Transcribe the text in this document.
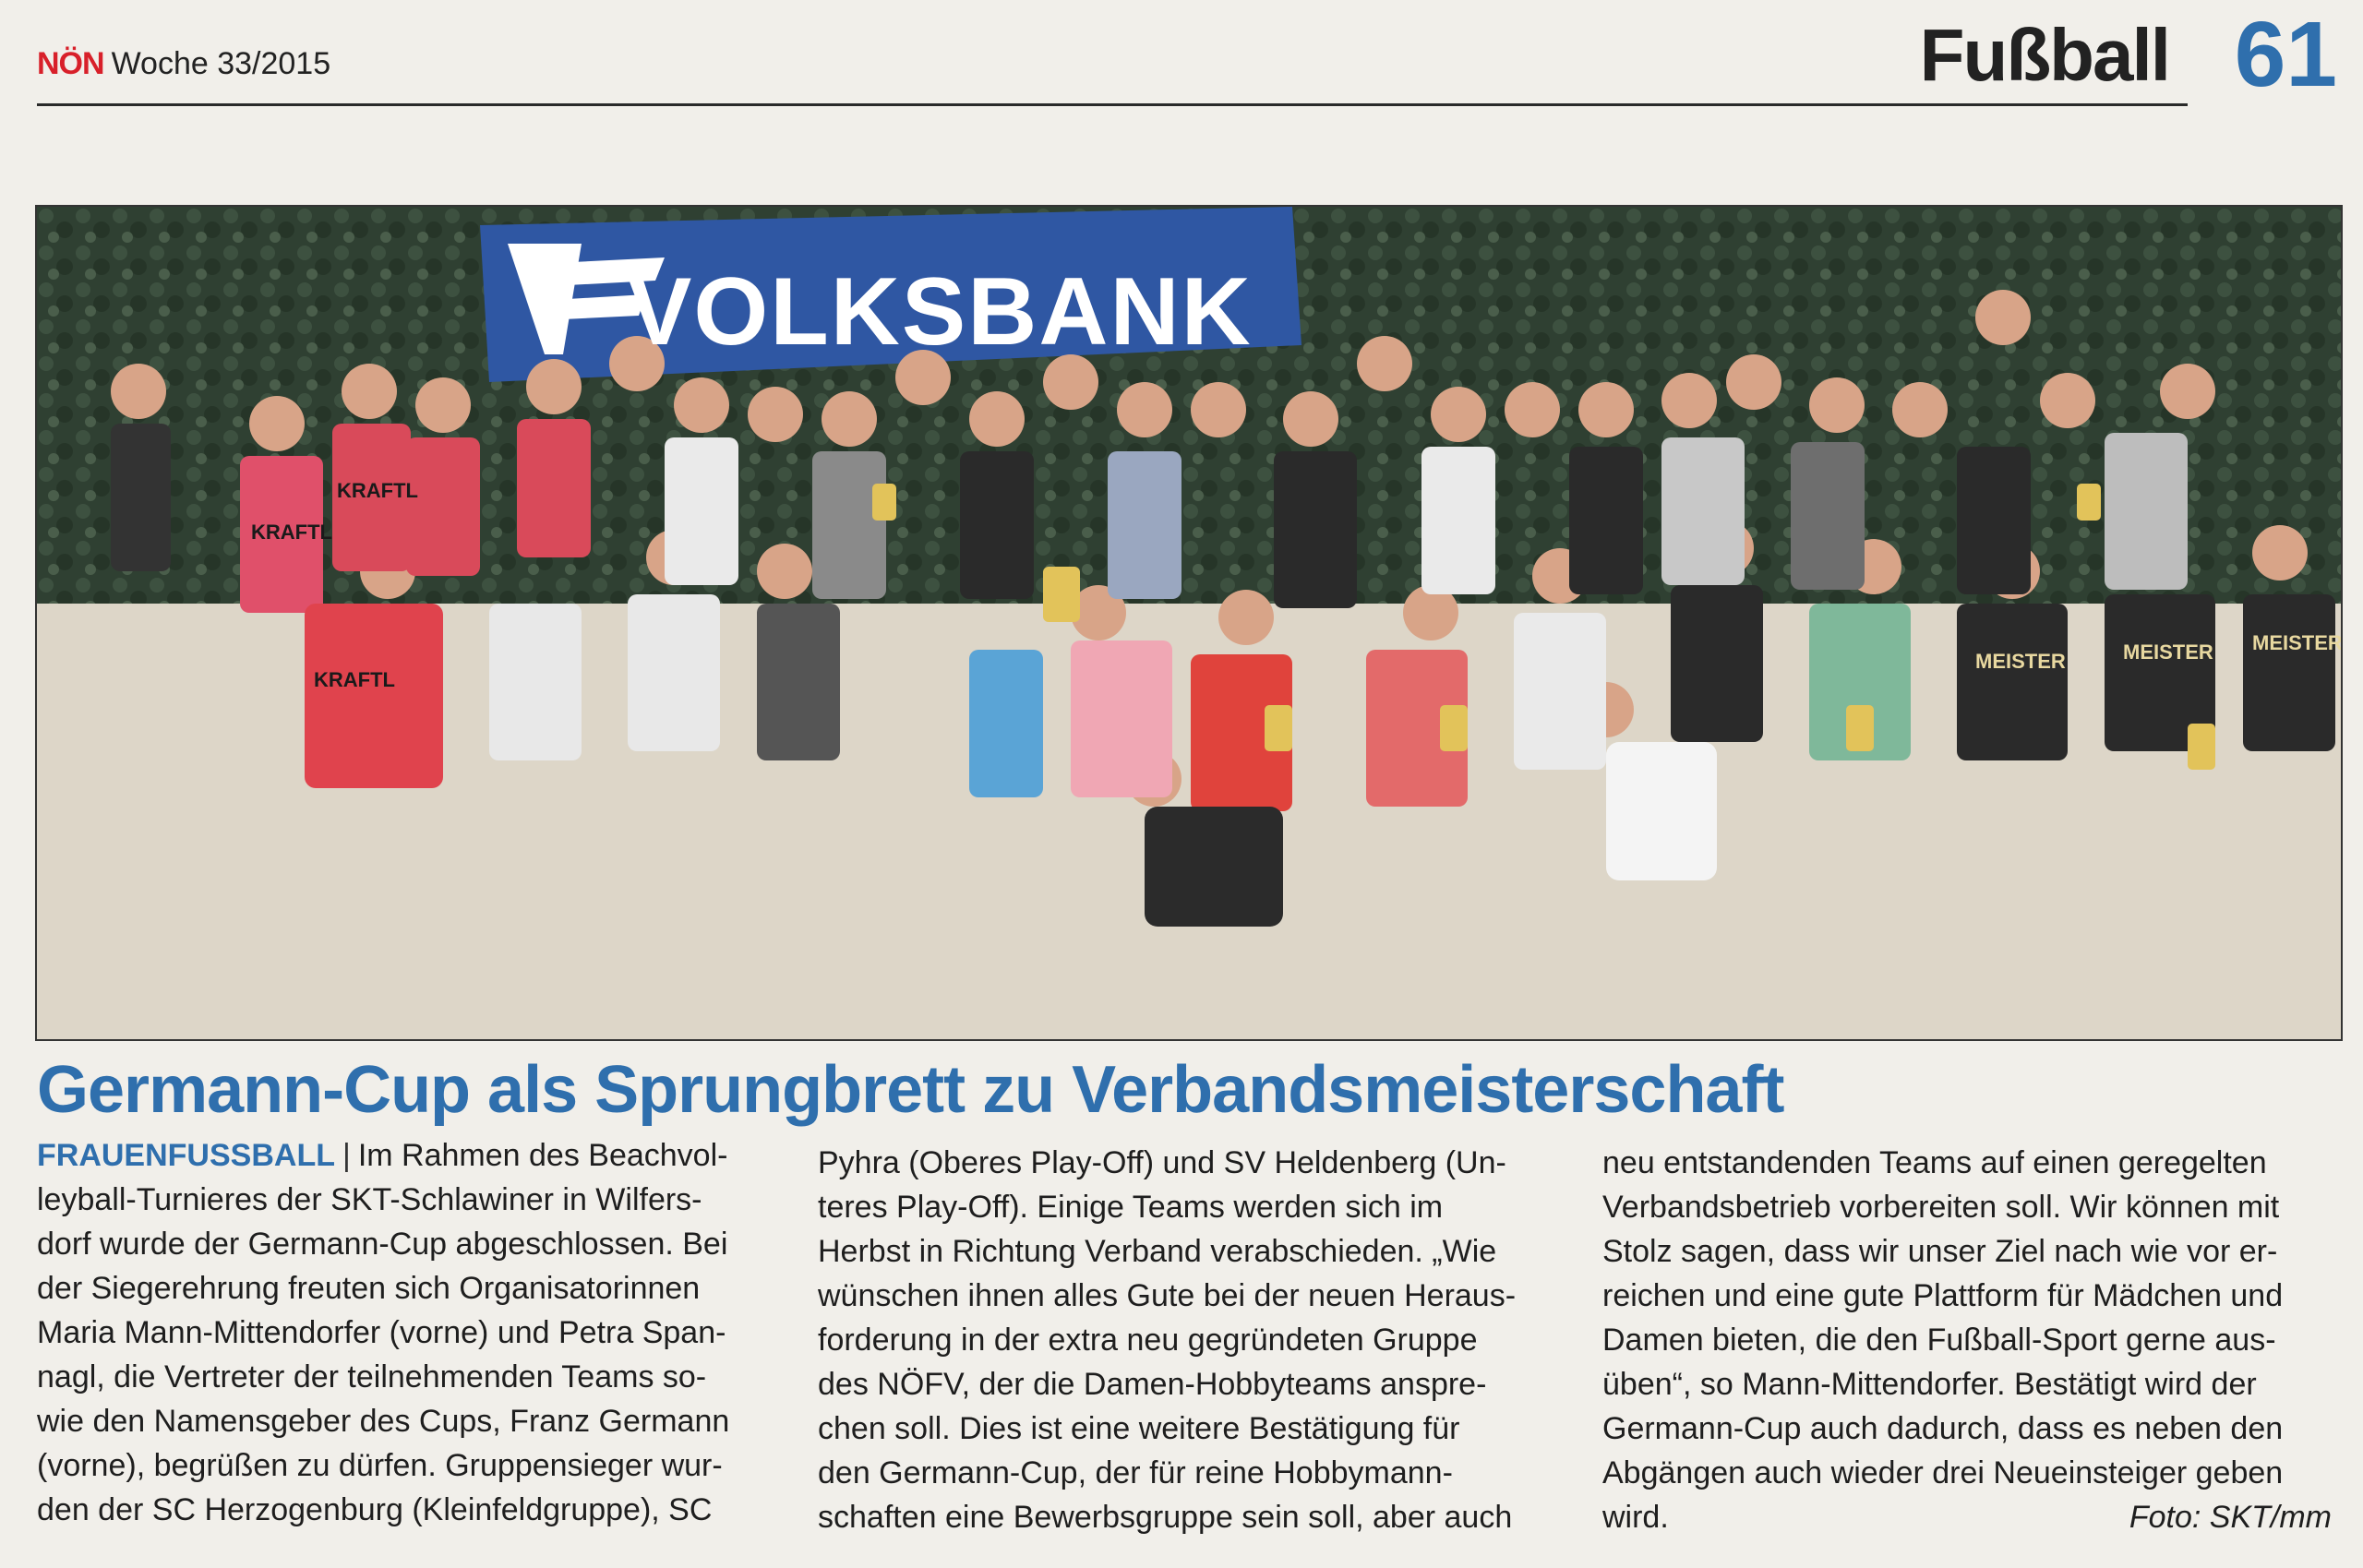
NÖN Woche 33/2015	Fußball 61
KRAFTL
KRAFTL
KRAFTL
MEISTER	MEISTER MEISTER
VOLKSBANK
Germann-Cup als Sprungbrett zu Verbandsmeisterschaft
FRAUENFUSSBALL | Im Rahmen des Beachvol-
leyball-Turnieres der SKT-Schlawiner in Wilfers-
dorf wurde der Germann-Cup abgeschlossen. Bei
der Siegerehrung freuten sich Organisatorinnen
Maria Mann-Mittendorfer (vorne) und Petra Span-
nagl, die Vertreter der teilnehmenden Teams so-
wie den Namensgeber des Cups, Franz Germann
(vorne), begrüßen zu dürfen. Gruppensieger wur-
den der SC Herzogenburg (Kleinfeldgruppe), SC
Pyhra (Oberes Play-Off) und SV Heldenberg (Un-
teres Play-Off). Einige Teams werden sich im
Herbst in Richtung Verband verabschieden. „Wie
wünschen ihnen alles Gute bei der neuen Heraus-
forderung in der extra neu gegründeten Gruppe
des NÖFV, der die Damen-Hobbyteams anspre-
chen soll. Dies ist eine weitere Bestätigung für
den Germann-Cup, der für reine Hobbymann-
schaften eine Bewerbsgruppe sein soll, aber auch
neu entstandenden Teams auf einen geregelten
Verbandsbetrieb vorbereiten soll. Wir können mit
Stolz sagen, dass wir unser Ziel nach wie vor er-
reichen und eine gute Plattform für Mädchen und
Damen bieten, die den Fußball-Sport gerne aus-
üben“, so Mann-Mittendorfer. Bestätigt wird der
Germann-Cup auch dadurch, dass es neben den
Abgängen auch wieder drei Neueinsteiger geben
wird.	Foto: SKT/mm
